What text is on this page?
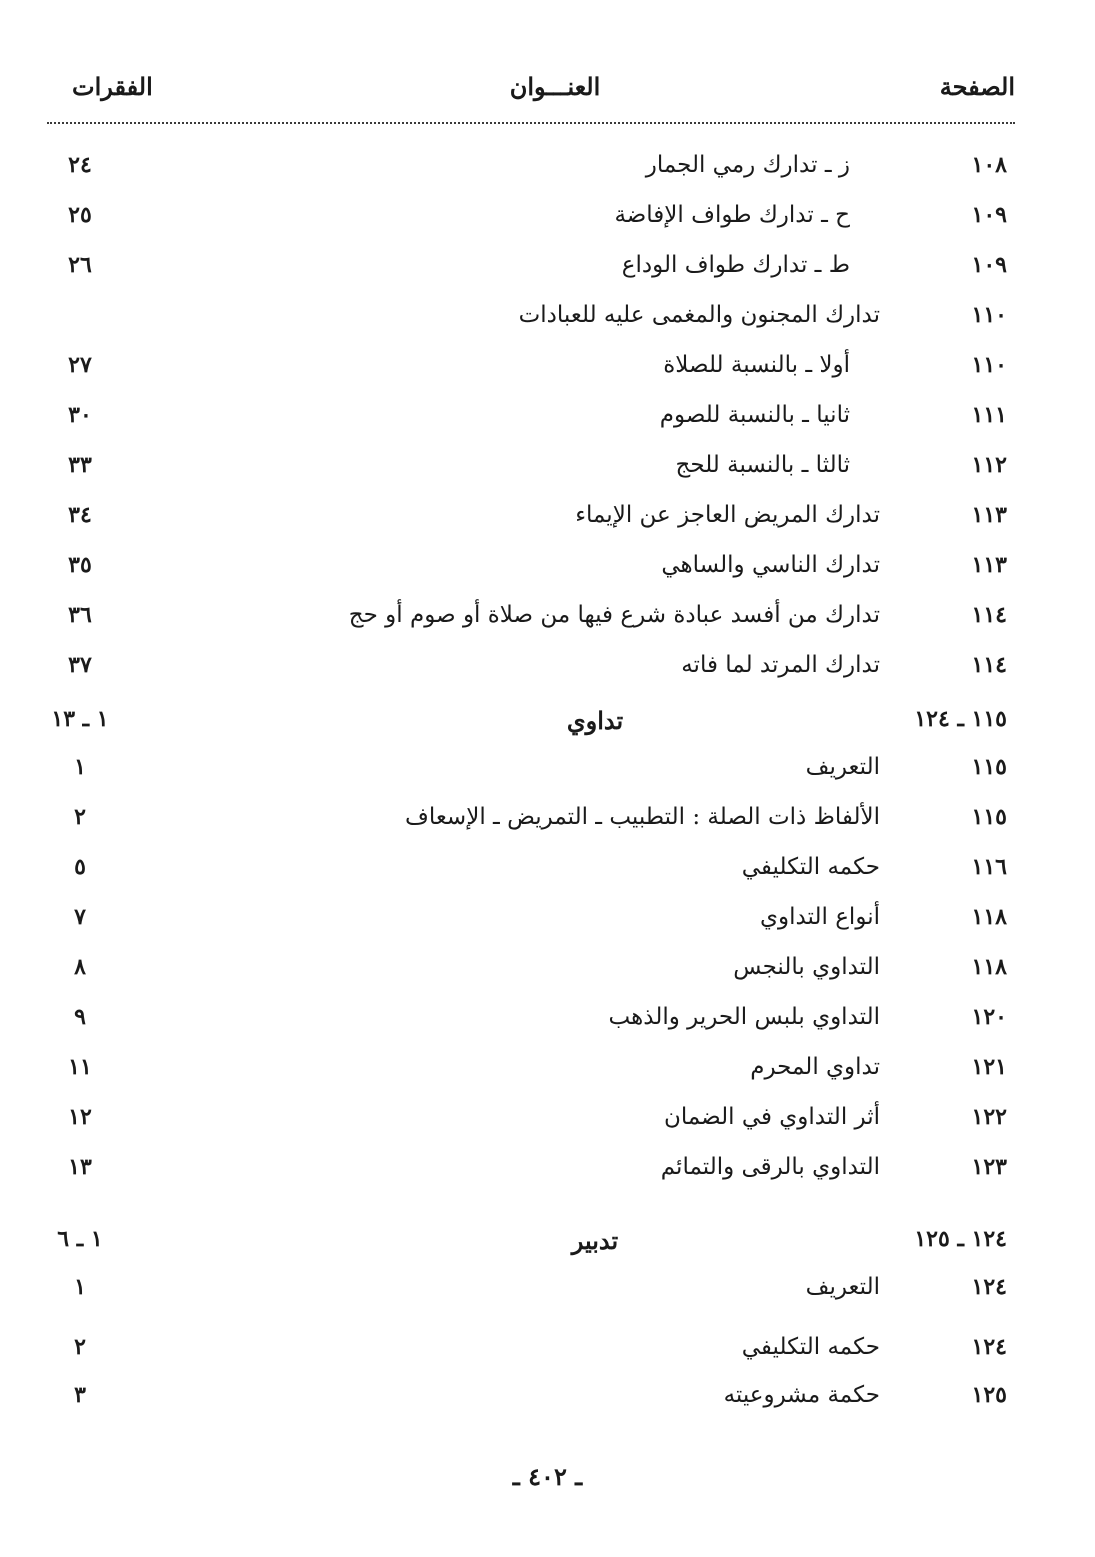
الصفحة
العنـــوان
الفقرات
١٠٨
ز ـ تدارك رمي الجمار
٢٤
١٠٩
ح ـ تدارك طواف الإفاضة
٢٥
١٠٩
ط ـ تدارك طواف الوداع
٢٦
١١٠
تدارك المجنون والمغمى عليه للعبادات
١١٠
أولا ـ بالنسبة للصلاة
٢٧
١١١
ثانيا ـ بالنسبة للصوم
٣٠
١١٢
ثالثا ـ بالنسبة للحج
٣٣
١١٣
تدارك المريض العاجز عن الإيماء
٣٤
١١٣
تدارك الناسي والساهي
٣٥
١١٤
تدارك من أفسد عبادة شرع فيها من صلاة أو صوم أو حج
٣٦
١١٤
تدارك المرتد لما فاته
٣٧
١١٥ ـ ١٢٤
تداوي
١ ـ ١٣
١١٥
التعريف
١
١١٥
الألفاظ ذات الصلة : التطبيب ـ التمريض ـ الإسعاف
٢
١١٦
حكمه التكليفي
٥
١١٨
أنواع التداوي
٧
١١٨
التداوي بالنجس
٨
١٢٠
التداوي بلبس الحرير والذهب
٩
١٢١
تداوي المحرم
١١
١٢٢
أثر التداوي في الضمان
١٢
١٢٣
التداوي بالرقى والتمائم
١٣
١٢٤ ـ ١٢٥
تدبير
١ ـ ٦
١٢٤
التعريف
١
١٢٤
حكمه التكليفي
٢
١٢٥
حكمة مشروعيته
٣
ـ ٤٠٢ ـ
